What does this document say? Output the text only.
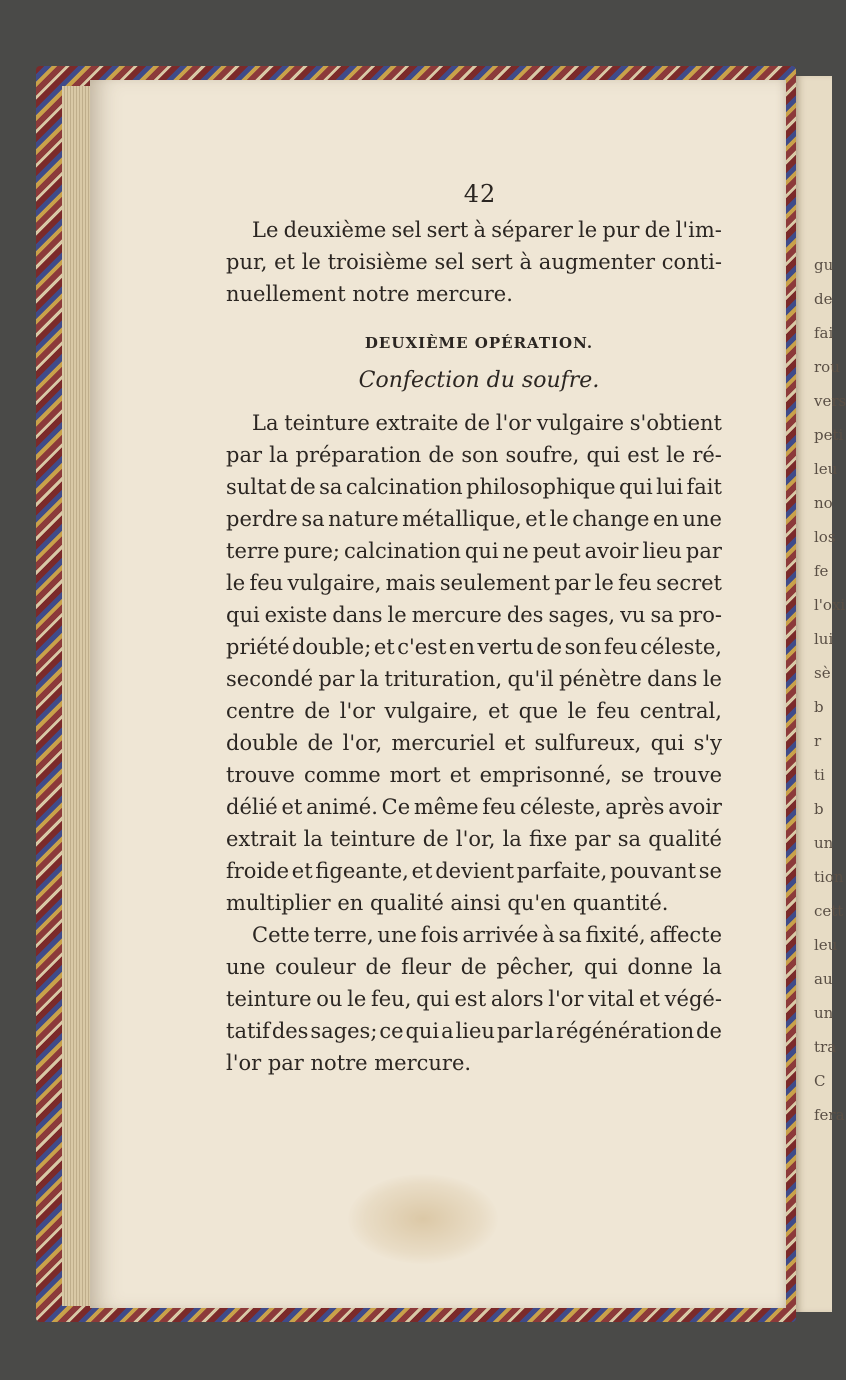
gu
de
fai
rou
vers
peti
leu
no
los
fe
l'oxi
lui
sè
b
r
ti
b
un
tion
cett
leu
au
un
tra
C
fera
42
Le deuxième sel sert à séparer le pur de l'im-
pur, et le troisième sel sert à augmenter conti-
nuellement notre mercure.
DEUXIÈME OPÉRATION.
Confection du soufre.
La teinture extraite de l'or vulgaire s'obtient
par la préparation de son soufre, qui est le ré-
sultat de sa calcination philosophique qui lui fait
perdre sa nature métallique, et le change en une
terre pure; calcination qui ne peut avoir lieu par
le feu vulgaire, mais seulement par le feu secret
qui existe dans le mercure des sages, vu sa pro-
priété double; et c'est en vertu de son feu céleste,
secondé par la trituration, qu'il pénètre dans le
centre de l'or vulgaire, et que le feu central,
double de l'or, mercuriel et sulfureux, qui s'y
trouve comme mort et emprisonné, se trouve
délié et animé. Ce même feu céleste, après avoir
extrait la teinture de l'or, la fixe par sa qualité
froide et figeante, et devient parfaite, pouvant se
multiplier en qualité ainsi qu'en quantité.
Cette terre, une fois arrivée à sa fixité, affecte
une couleur de fleur de pêcher, qui donne la
teinture ou le feu, qui est alors l'or vital et végé-
tatif des sages; ce qui a lieu par la régénération de
l'or par notre mercure.
